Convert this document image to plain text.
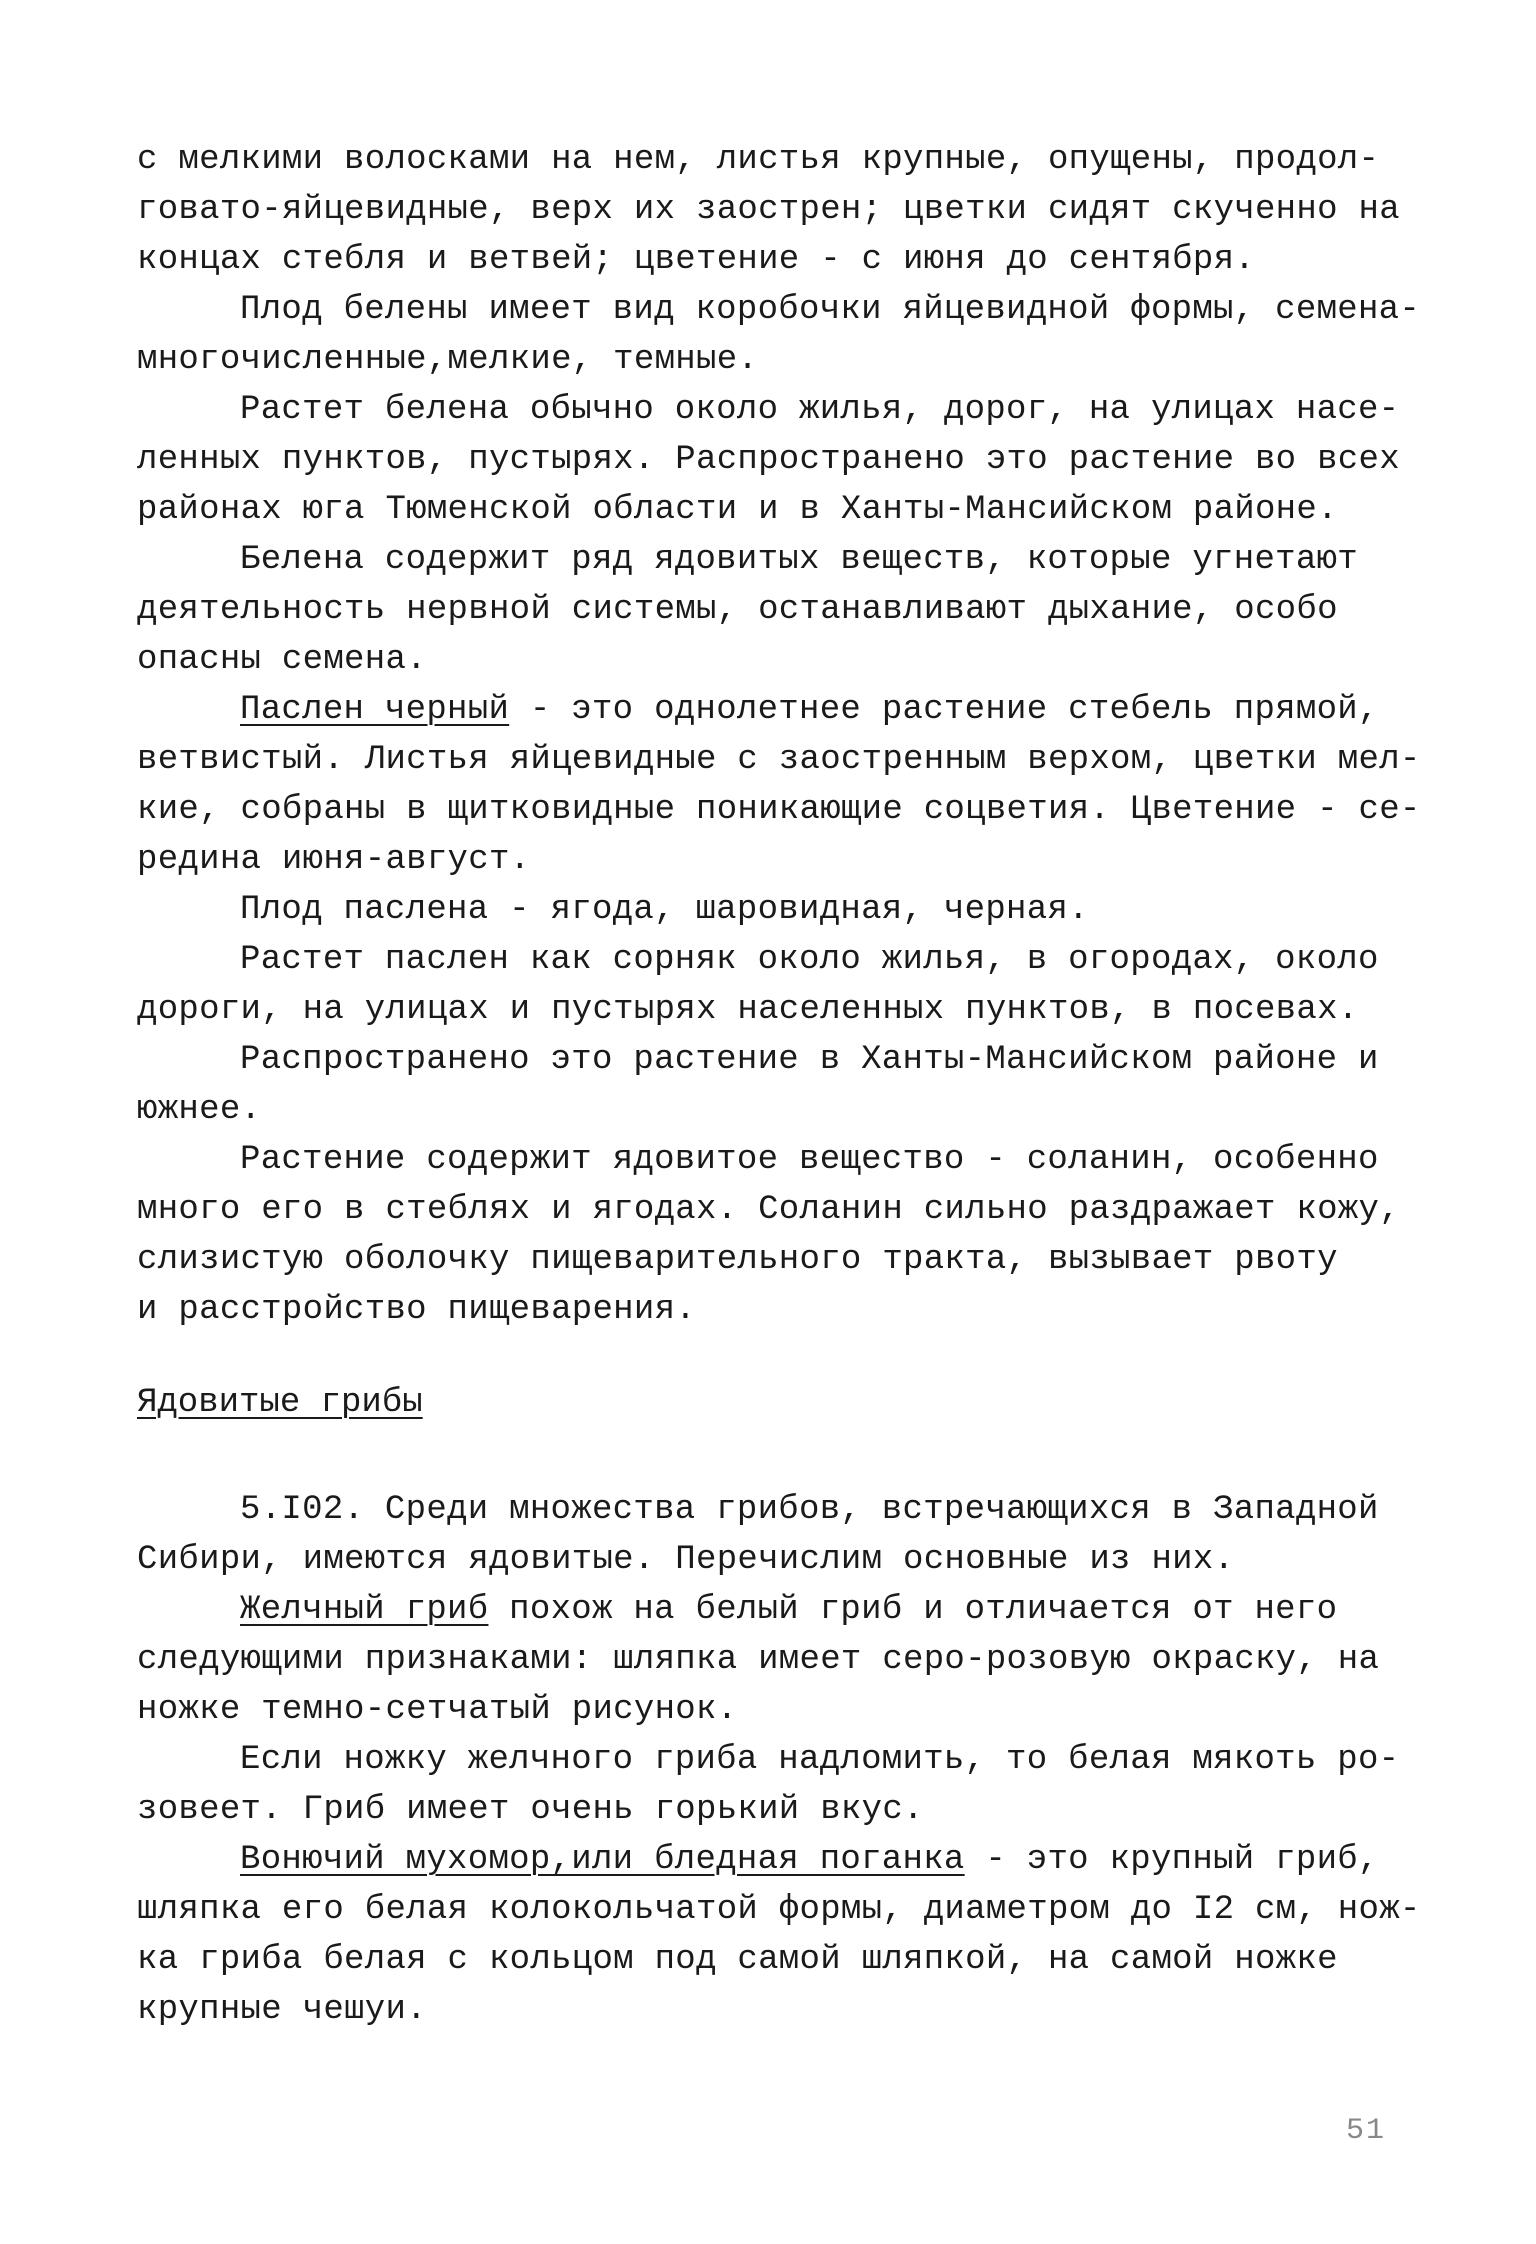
с мелкими волосками на нем, листья крупные, опущены, продол-
говато-яйцевидные, верх их заострен; цветки сидят скученно на
концах стебля и ветвей; цветение - с июня до сентября.
Плод белены имеет вид коробочки яйцевидной формы, семена-
многочисленные,мелкие, темные.
Растет белена обычно около жилья, дорог, на улицах насе-
ленных пунктов, пустырях. Распространено это растение во всех
районах юга Тюменской области и в Ханты-Мансийском районе.
Белена содержит ряд ядовитых веществ, которые угнетают
деятельность нервной системы, останавливают дыхание, особо
опасны семена.
Паслен черный - это однолетнее растение стебель прямой,
ветвистый. Листья яйцевидные с заостренным верхом, цветки мел-
кие, собраны в щитковидные поникающие соцветия. Цветение - се-
редина июня-август.
Плод паслена - ягода, шаровидная, черная.
Растет паслен как сорняк около жилья, в огородах, около
дороги, на улицах и пустырях населенных пунктов, в посевах.
Распространено это растение в Ханты-Мансийском районе и
южнее.
Растение содержит ядовитое вещество - соланин, особенно
много его в стеблях и ягодах. Соланин сильно раздражает кожу,
слизистую оболочку пищеварительного тракта, вызывает рвоту
и расстройство пищеварения.
Ядовитые грибы
5.I02. Среди множества грибов, встречающихся в Западной
Сибири, имеются ядовитые. Перечислим основные из них.
Желчный гриб похож на белый гриб и отличается от него
следующими признаками: шляпка имеет серо-розовую окраску, на
ножке темно-сетчатый рисунок.
Если ножку желчного гриба надломить, то белая мякоть ро-
зовеет. Гриб имеет очень горький вкус.
Вонючий мухомор,или бледная поганка - это крупный гриб,
шляпка его белая колокольчатой формы, диаметром до I2 см, нож-
ка гриба белая с кольцом под самой шляпкой, на самой ножке
крупные чешуи.
51
